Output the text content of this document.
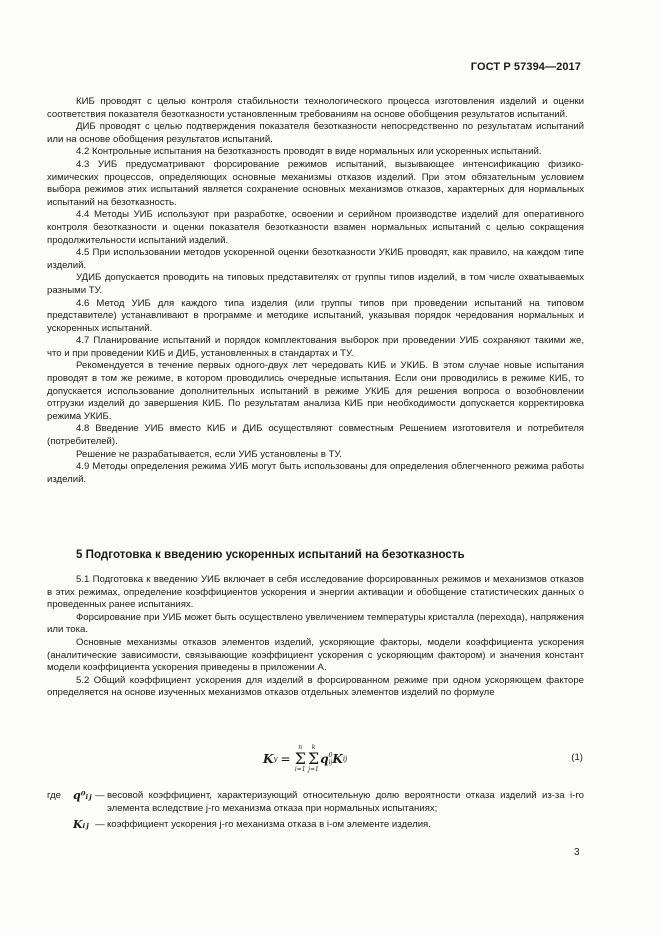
ГОСТ Р 57394—2017

КИБ проводят с целью контроля стабильности технологического процесса изготовления изделий и оценки соответствия показателя безотказности установленным требованиям на основе обобщения результатов испытаний.

ДИБ проводят с целью подтверждения показателя безотказности непосредственно по результатам испытаний или на основе обобщения результатов испытаний.

4.2 Контрольные испытания на безотказность проводят в виде нормальных или ускоренных испытаний.

4.3 УИБ предусматривают форсирование режимов испытаний, вызывающее интенсификацию физико-химических процессов, определяющих основные механизмы отказов изделий. При этом обязательным условием выбора режимов этих испытаний является сохранение основных механизмов отказов, характерных для нормальных испытаний на безотказность.

4.4 Методы УИБ используют при разработке, освоении и серийном производстве изделий для оперативного контроля безотказности и оценки показателя безотказности взамен нормальных испытаний с целью сокращения продолжительности испытаний изделий.

4.5 При использовании методов ускоренной оценки безотказности УКИБ проводят, как правило, на каждом типе изделий.

УДИБ допускается проводить на типовых представителях от группы типов изделий, в том числе охватываемых разными ТУ.

4.6 Метод УИБ для каждого типа изделия (или группы типов при проведении испытаний на типовом представителе) устанавливают в программе и методике испытаний, указывая порядок чередования нормальных и ускоренных испытаний.

4.7 Планирование испытаний и порядок комплектования выборок при проведении УИБ сохраняют такими же, что и при проведении КИБ и ДИБ, установленных в стандартах и ТУ.

Рекомендуется в течение первых одного-двух лет чередовать КИБ и УКИБ. В этом случае новые испытания проводят в том же режиме, в котором проводились очередные испытания. Если они проводились в режиме КИБ, то допускается использование дополнительных испытаний в режиме УКИБ для решения вопроса о возобновлении отгрузки изделий до завершения КИБ. По результатам анализа КИБ при необходимости допускается корректировка режима УКИБ.

4.8 Введение УИБ вместо КИБ и ДИБ осуществляют совместным Решением изготовителя и потребителя (потребителей).

Решение не разрабатывается, если УИБ установлены в ТУ.

4.9 Методы определения режима УИБ могут быть использованы для определения облегченного режима работы изделий.

5 Подготовка к введению ускоренных испытаний на безотказность

5.1 Подготовка к введению УИБ включает в себя исследование форсированных режимов и механизмов отказов в этих режимах, определение коэффициентов ускорения и энергии активации и обобщение статистических данных о проведенных ранее испытаниях.

Форсирование при УИБ может быть осуществлено увеличением температуры кристалла (перехода), напряжения или тока.

Основные механизмы отказов элементов изделий, ускоряющие факторы, модели коэффициента ускорения (аналитические зависимости, связывающие коэффициент ускорения с ускоряющим фактором) и значения констант модели коэффициента ускорения приведены в приложении А.

5.2 Общий коэффициент ускорения для изделий в форсированном режиме при одном ускоряющем факторе определяется на основе изученных механизмов отказов отдельных элементов изделий по формуле

K у =
n
Σ
i=1
k
Σ
j=1
q 0
ij K ij	(1)
где	q⁰ᵢⱼ — весовой коэффициент, характеризующий относительную долю вероятности отказа изделий из-за i-го элемента вследствие j-го механизма отказа при нормальных испытаниях;
Kᵢⱼ — коэффициент ускорения j-го механизма отказа в i-ом элементе изделия.
3
